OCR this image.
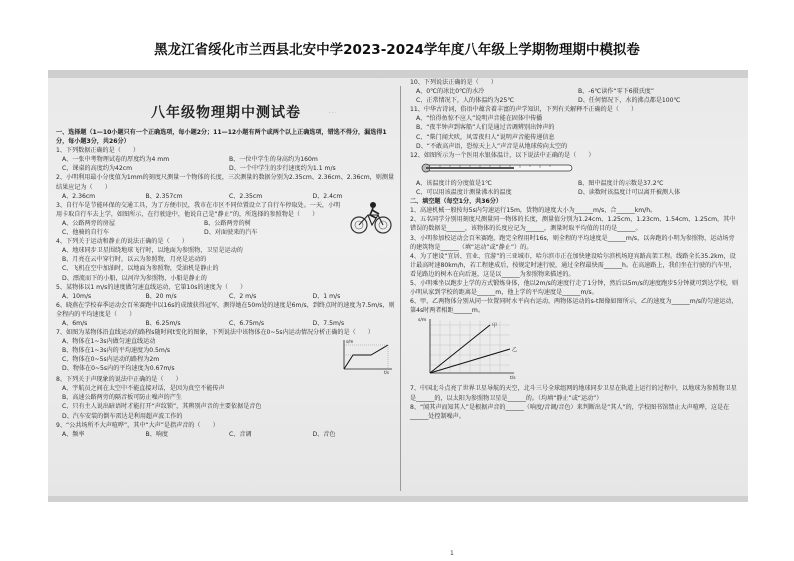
黑龙江省绥化市兰西县北安中学2023-2024学年度八年级上学期物理期中模拟卷
...
八年级物理期中测试卷
一、选择题（1—10小题只有一个正确选项，每小题2分；11—12小题有两个或两个以上正确选项，错选不得分，漏选得1分，每小题3分，共26分）
1、下列数据正确的是（　　）
A、一张中考物理试卷的厚度约为4 mm	B、一位中学生的身高约为160m
C、课桌的高度约为42cm	D、一个中学生的步行速度约为1.1 m/s
2、小明利用最小分度值为1mm的刻度尺测量一个物体的长度，三次测量的数据分别为2.35cm、2.36cm、2.36cm，则测量结果应记为（　　）
A、2.36cm	B、2.357cm	C、2.35cm	D、2.4cm
3、自行车是节能环保的交通工具，为了方便市民，我市在市区不同位置设立了自行车停取处。一天，小明用卡取自行车去上学，如图所示，在行驶途中，他说自己是“静止”的，所选择的参照物是（　　）
A、公路两旁的房屋	B、公路两旁的树
C、他骑的自行车	D、对面驶来的汽车
4、下列关于运动和静止的说法正确的是（　　）
A、地球同步卫星围绕地球飞行时，以地面为参照物，卫星是运动的
B、月亮在云中穿行时，以云为参照物，月亮是运动的
C、飞机在空中加油时，以地面为参照物，受油机是静止的
D、漂流而下的小船，以河岸为参照物，小船是静止的
5、某物体以1 m/s的速度做匀速直线运动，它第10s的速度为（　　）
A、10m/s	B、20 m/s	C、2 m/s	D、1 m/s
6、晓燕在学校春季运动会百米赛跑中以16s的成绩获得冠军，测得她在50m处的速度是6m/s，到终点时的速度为7.5m/s，则全程内的平均速度是（　　）
A、6m/s	B、6.25m/s	C、6.75m/s	D、7.5m/s
7、如图为某物体沿直线运动的路程s随时间t变化的图象，下列说法中该物体在0~5s内运动情况分析正确的是（　　）
A、物体在1~3s内做匀速直线运动
B、物体在1~3s内的平均速度为0.5m/s
C、物体在0~5s内运动的路程为2m
D、物体在0~5s内的平均速度为0.67m/s
s/m
t/s
8、下列关于声现象的说法中正确的是（　　）
A、宇航员之间在太空中不能直接对话，是因为真空不能传声
B、高速公路两旁的隔音板可防止噪声的产生
C、只有主人说出暗语时才能打开“声纹锁”，其辨别声音的主要依据是音色
D、汽车安装的倒车雷达是利用超声波工作的
9、“公共场所不大声喧哗”，其中“大声”是指声音的（　　）
A、频率	B、响度	C、音调	D、音色
10、下列说法正确的是（　　）
A、0℃的冰比0℃的水冷	B、-6℃读作“零下6摄氏度”
C、正常情况下，人的体温约为25℃	D、任何情况下，水的沸点都是100℃
11、中华古诗词，俗语中蕴含着丰富的声学知识，下列有关解释不正确的是（　　）
A、“怕得鱼惊不应人”说明声音能在固体中传播
B、“夜半钟声到客船”人们是通过音调辨别出钟声的
C、“柴门闻犬吠，风雪夜归人”说明声音能传递信息
D、“不敢高声语，恐惊天上人”声音是从地球传向太空的
12、如图所示为一个医用水银体温计，以下说法中正确的是（　　）
A、该温度计的分度值是1℃	B、图中温度计的示数是37.2℃
C、可以用该温度计测量沸水的温度	D、读数时该温度计可以离开被测人体
二、填空题（每空1分，共36分）
1、高速机械一般按每5s内匀速运行15m，货物的速度大小为______m/s，合______km/h。
2、五名同学分别用刻度尺测量同一物体的长度，测量值分别为1.24cm、1.25cm、1.23cm、1.54cm、1.25cm，其中错误的数据是______，该物体的长度应记为______，测量时取平均值的目的是______。
3、小明参加校运动会百米赛跑，跑完全程用时16s，则全程的平均速度是______m/s，以奔跑的小明为参照物，运动场旁的建筑物是______（填“运动”或“静止”）的。
4、为了建设“宜居、宜业、宜游”的三亚城市，哈尔滨市正在加快建设哈尔滨机场迎宾路高架工程。线路全长35.2km，设计最高时速80km/h，若工程建成后，按规定时速行驶，通过全程最快需______h。在高速路上，我们坐在行驶的汽车里，看见路边的树木在向后退，这是以______为参照物来描述的。
5、小明乘坐以跑步上学的方式锻炼身体，他以2m/s的速度行走了1分钟，然后以5m/s的速度跑步5分钟就可到达学校，则小明从家到学校的距离是______m，他上学的平均速度是______m/s。
6、甲、乙两物体分别从同一位置同时水平向右运动，两物体运动的s-t图像如图所示，乙的速度为______m/s的匀速运动，第4s时两者相距______m。
甲
乙
s/m
t/s
7、中国北斗点亮了世界卫星导航的天空，北斗三号全球组网的地球同步卫星在轨道上运行的过程中，以地球为参照物卫星是______的，以太阳为参照物卫星是______的。（均填“静止”或“运动”）
8、“闻其声而知其人”是根据声音的______（响度/音调/音色）来判断出是“其人”的，学校图书馆禁止大声喧哗，这是在______处控制噪声。
1
